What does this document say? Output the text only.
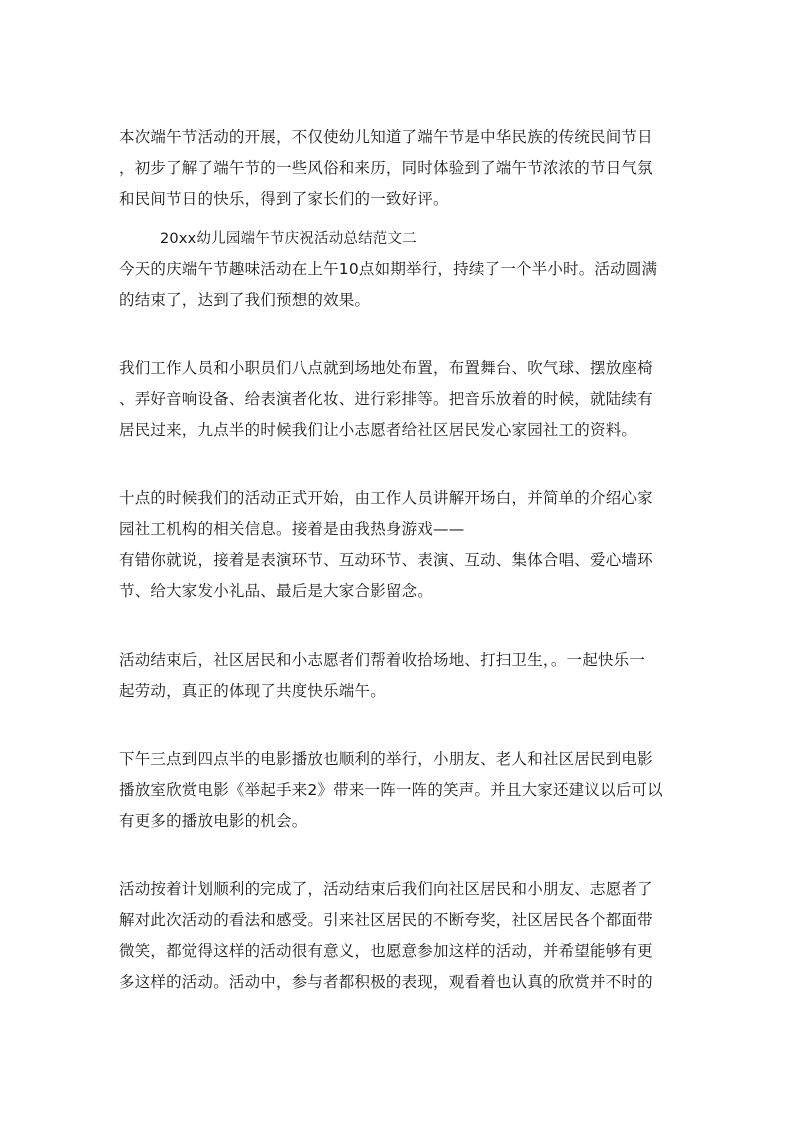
本次端午节活动的开展，不仅使幼儿知道了端午节是中华民族的传统民间节日
，初步了解了端午节的一些风俗和来历，同时体验到了端午节浓浓的节日气氛
和民间节日的快乐，得到了家长们的一致好评。
20xx幼儿园端午节庆祝活动总结范文二
今天的庆端午节趣味活动在上午10点如期举行，持续了一个半小时。活动圆满
的结束了，达到了我们预想的效果。
我们工作人员和小职员们八点就到场地处布置，布置舞台、吹气球、摆放座椅
、弄好音响设备、给表演者化妆、进行彩排等。把音乐放着的时候，就陆续有
居民过来，九点半的时候我们让小志愿者给社区居民发心家园社工的资料。
十点的时候我们的活动正式开始，由工作人员讲解开场白，并简单的介绍心家
园社工机构的相关信息。接着是由我热身游戏——
有错你就说，接着是表演环节、互动环节、表演、互动、集体合唱、爱心墙环
节、给大家发小礼品、最后是大家合影留念。
活动结束后，社区居民和小志愿者们帮着收拾场地、打扫卫生，。一起快乐一
起劳动，真正的体现了共度快乐端午。
下午三点到四点半的电影播放也顺利的举行，小朋友、老人和社区居民到电影
播放室欣赏电影《举起手来2》带来一阵一阵的笑声。并且大家还建议以后可以
有更多的播放电影的机会。
活动按着计划顺利的完成了，活动结束后我们向社区居民和小朋友、志愿者了
解对此次活动的看法和感受。引来社区居民的不断夸奖，社区居民各个都面带
微笑，都觉得这样的活动很有意义，也愿意参加这样的活动，并希望能够有更
多这样的活动。活动中，参与者都积极的表现，观看着也认真的欣赏并不时的
